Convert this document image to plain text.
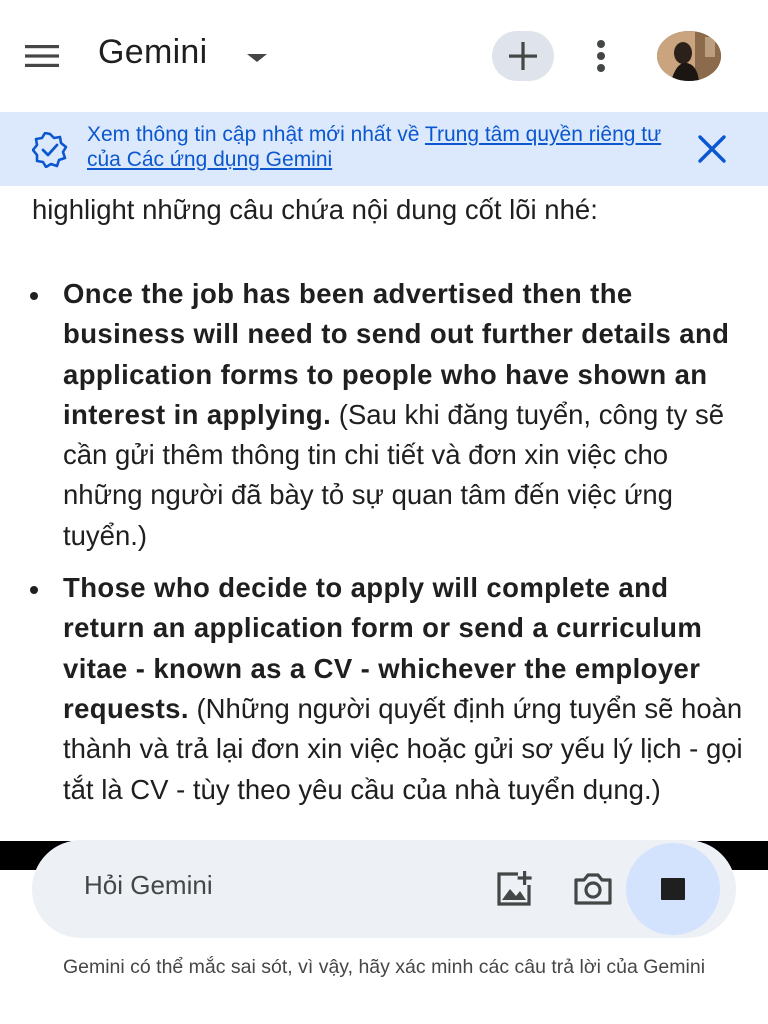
Gemini
Xem thông tin cập nhật mới nhất về Trung tâm quyền riêng tư của Các ứng dụng Gemini
highlight những câu chứa nội dung cốt lõi nhé:
Once the job has been advertised then the business will need to send out further details and application forms to people who have shown an interest in applying. (Sau khi đăng tuyển, công ty sẽ cần gửi thêm thông tin chi tiết và đơn xin việc cho những người đã bày tỏ sự quan tâm đến việc ứng tuyển.)
Those who decide to apply will complete and return an application form or send a curriculum vitae - known as a CV - whichever the employer requests. (Những người quyết định ứng tuyển sẽ hoàn thành và trả lại đơn xin việc hoặc gửi sơ yếu lý lịch - gọi tắt là CV - tùy theo yêu cầu của nhà tuyển dụng.)
Hỏi Gemini
Gemini có thể mắc sai sót, vì vậy, hãy xác minh các câu trả lời của Gemini
